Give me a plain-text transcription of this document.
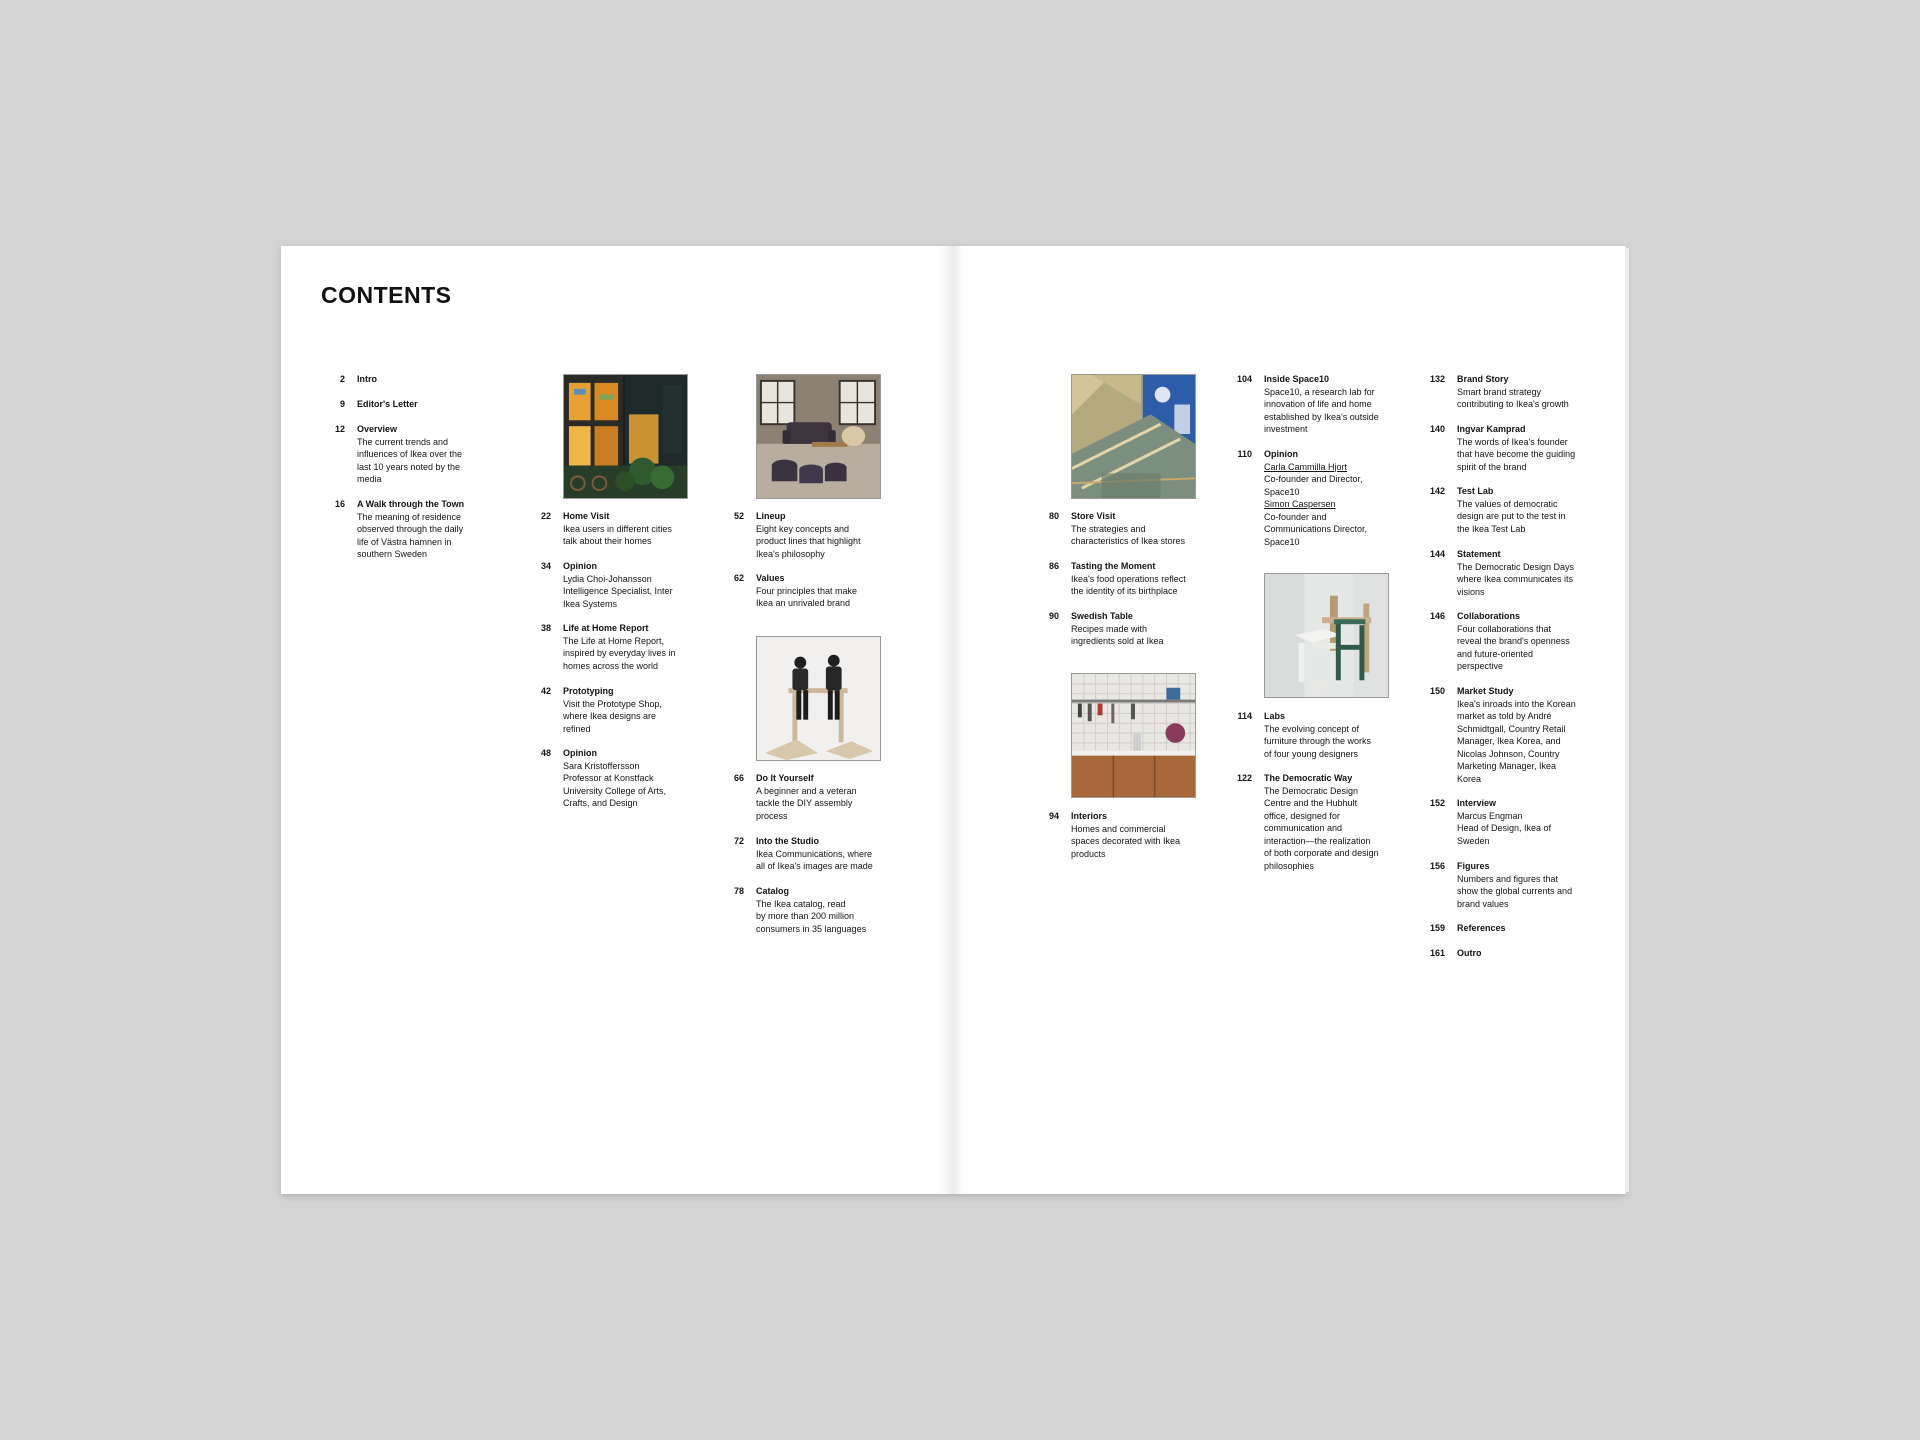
CONTENTS
2 Intro
9 Editor's Letter
12 Overview
The current trends and
influences of Ikea over the
last 10 years noted by the
media
16 A Walk through the Town
The meaning of residence
observed through the daily
life of Västra hamnen in
southern Sweden
22 Home Visit
Ikea users in different cities
talk about their homes
34 Opinion
Lydia Choi-Johansson
Intelligence Specialist, Inter
Ikea Systems
38 Life at Home Report
The Life at Home Report,
inspired by everyday lives in
homes across the world
42 Prototyping
Visit the Prototype Shop,
where Ikea designs are
refined
48 Opinion
Sara Kristoffersson
Professor at Konstfack
University College of Arts,
Crafts, and Design
52 Lineup
Eight key concepts and
product lines that highlight
Ikea's philosophy
62 Values
Four principles that make
Ikea an unrivaled brand
66 Do It Yourself
A beginner and a veteran
tackle the DIY assembly
process
72 Into the Studio
Ikea Communications, where
all of Ikea's images are made
78 Catalog
The Ikea catalog, read
by more than 200 million
consumers in 35 languages
80 Store Visit
The strategies and
characteristics of Ikea stores
86 Tasting the Moment
Ikea's food operations reflect
the identity of its birthplace
90 Swedish Table
Recipes made with
ingredients sold at Ikea
94 Interiors
Homes and commercial
spaces decorated with Ikea
products
104 Inside Space10
Space10, a research lab for
innovation of life and home
established by Ikea's outside
investment
110 Opinion
Carla Cammilla Hjort
Co-founder and Director,
Space10
Simon Caspersen
Co-founder and
Communications Director,
Space10
114 Labs
The evolving concept of
furniture through the works
of four young designers
122 The Democratic Way
The Democratic Design
Centre and the Hubhult
office, designed for
communication and
interaction—the realization
of both corporate and design
philosophies
132 Brand Story
Smart brand strategy
contributing to Ikea's growth
140 Ingvar Kamprad
The words of Ikea's founder
that have become the guiding
spirit of the brand
142 Test Lab
The values of democratic
design are put to the test in
the Ikea Test Lab
144 Statement
The Democratic Design Days
where Ikea communicates its
visions
146 Collaborations
Four collaborations that
reveal the brand's openness
and future-oriented
perspective
150 Market Study
Ikea's inroads into the Korean
market as told by André
Schmidtgall, Country Retail
Manager, Ikea Korea, and
Nicolas Johnson, Country
Marketing Manager, Ikea
Korea
152 Interview
Marcus Engman
Head of Design, Ikea of
Sweden
156 Figures
Numbers and figures that
show the global currents and
brand values
159 References
161 Outro
